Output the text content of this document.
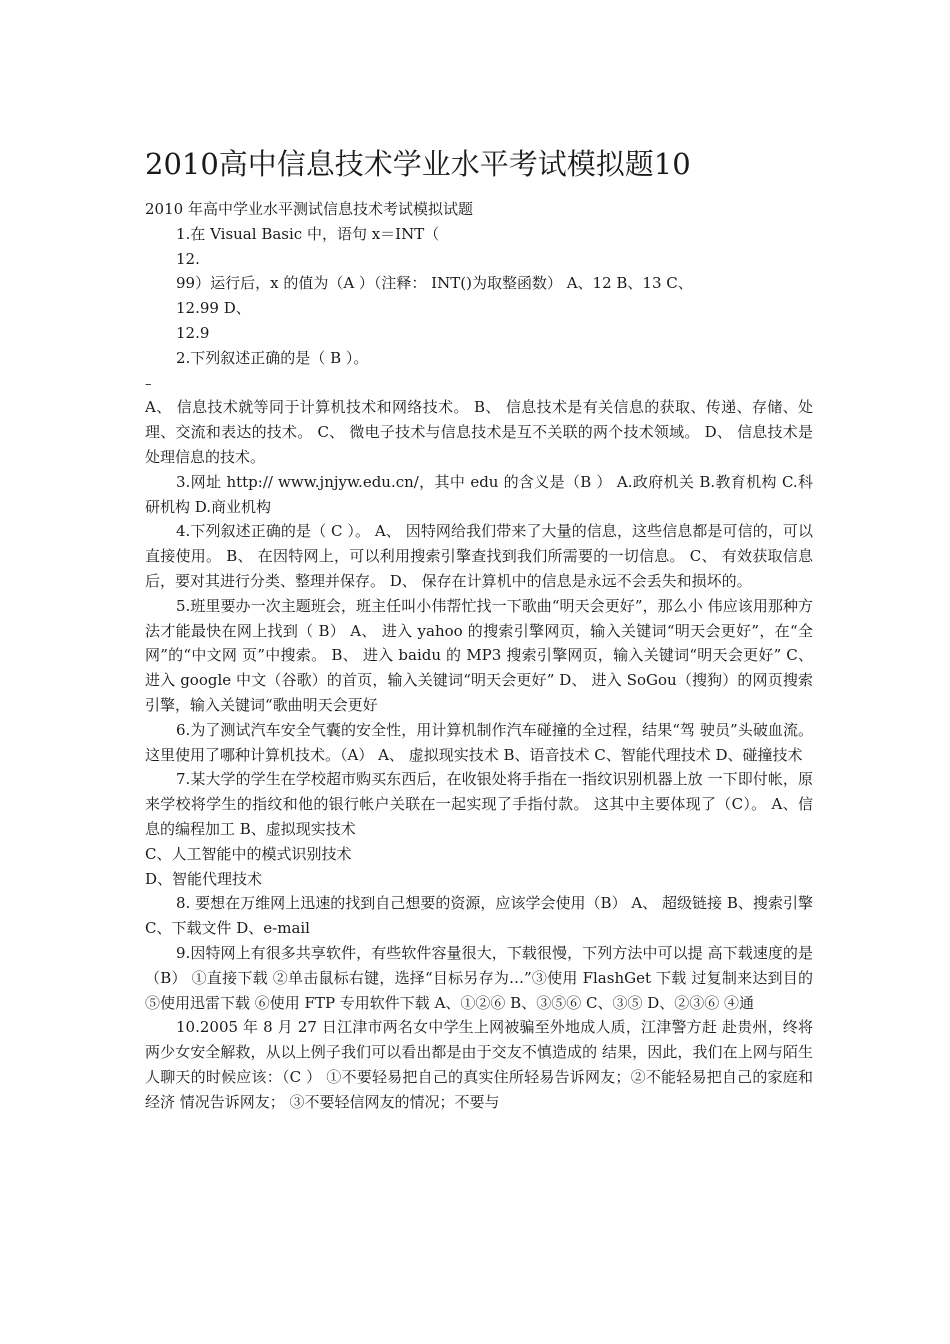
2010高中信息技术学业水平考试模拟题10
2010 年高中学业水平测试信息技术考试模拟试题
1.在 Visual Basic 中，语句 x＝INT（
12.
99）运行后，x 的值为（A ）（注释： INT()为取整函数） A、12 B、13 C、
12.99 D、
12.9
2.下列叙述正确的是（ B ）。
–
A、 信息技术就等同于计算机技术和网络技术。 B、 信息技术是有关信息的获取、传递、存储、处理、交流和表达的技术。 C、 微电子技术与信息技术是互不关联的两个技术领域。 D、 信息技术是处理信息的技术。
3.网址 http:// www.jnjyw.edu.cn/，其中 edu 的含义是（B ） A.政府机关 B.教育机构 C.科研机构 D.商业机构
4.下列叙述正确的是（ C ）。 A、 因特网给我们带来了大量的信息，这些信息都是可信的，可以直接使用。 B、 在因特网上，可以利用搜索引擎查找到我们所需要的一切信息。 C、 有效获取信息后，要对其进行分类、整理并保存。 D、 保存在计算机中的信息是永远不会丢失和损坏的。
5.班里要办一次主题班会，班主任叫小伟帮忙找一下歌曲“明天会更好”，那么小 伟应该用那种方法才能最快在网上找到（ B） A、 进入 yahoo 的搜索引擎网页，输入关键词“明天会更好”，在“全网”的“中文网 页”中搜索。 B、 进入 baidu 的 MP3 搜索引擎网页，输入关键词“明天会更好” C、 进入 google 中文（谷歌）的首页，输入关键词“明天会更好” D、 进入 SoGou（搜狗）的网页搜索引擎，输入关键词“歌曲明天会更好
6.为了测试汽车安全气囊的安全性，用计算机制作汽车碰撞的全过程，结果“驾 驶员”头破血流。这里使用了哪种计算机技术。（A） A、 虚拟现实技术 B、语音技术 C、智能代理技术 D、碰撞技术
7.某大学的学生在学校超市购买东西后，在收银处将手指在一指纹识别机器上放 一下即付帐，原来学校将学生的指纹和他的银行帐户关联在一起实现了手指付款。 这其中主要体现了（C）。 A、信息的编程加工 B、虚拟现实技术
C、人工智能中的模式识别技术
D、智能代理技术
8. 要想在万维网上迅速的找到自己想要的资源，应该学会使用（B） A、 超级链接 B、搜索引擎 C、下载文件 D、e-mail
9.因特网上有很多共享软件，有些软件容量很大，下载很慢，下列方法中可以提 高下载速度的是（B） ①直接下载 ②单击鼠标右键，选择“目标另存为…”③使用 FlashGet 下载 过复制来达到目的 ⑤使用迅雷下载 ⑥使用 FTP 专用软件下载 A、①②⑥ B、③⑤⑥ C、③⑤ D、②③⑥ ④通
10.2005 年 8 月 27 日江津市两名女中学生上网被骗至外地成人质，江津警方赶 赴贵州，终将两少女安全解救，从以上例子我们可以看出都是由于交友不慎造成的 结果，因此，我们在上网与陌生人聊天的时候应该：（C ） ①不要轻易把自己的真实住所轻易告诉网友；②不能轻易把自己的家庭和经济 情况告诉网友； ③不要轻信网友的情况；不要与
